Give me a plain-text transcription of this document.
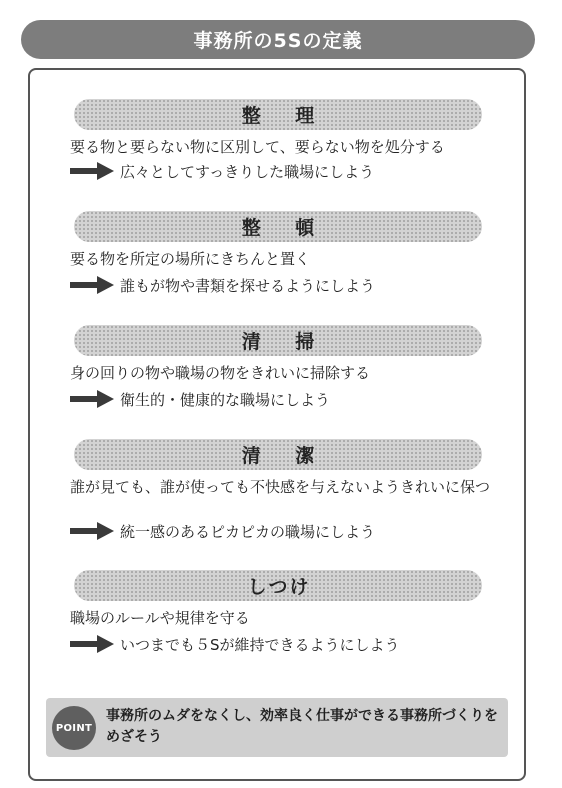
事務所の5Sの定義
整 理
要る物と要らない物に区別して、要らない物を処分する
広々としてすっきりした職場にしよう
整 頓
要る物を所定の場所にきちんと置く
誰もが物や書類を探せるようにしよう
清 掃
身の回りの物や職場の物をきれいに掃除する
衛生的・健康的な職場にしよう
清 潔
誰が見ても、誰が使っても不快感を与えないようきれいに保つ
統一感のあるピカピカの職場にしよう
しつけ
職場のルールや規律を守る
いつまでも５Sが維持できるようにしよう
POINT
事務所のムダをなくし、効率良く仕事ができる事務所づくりをめざそう
